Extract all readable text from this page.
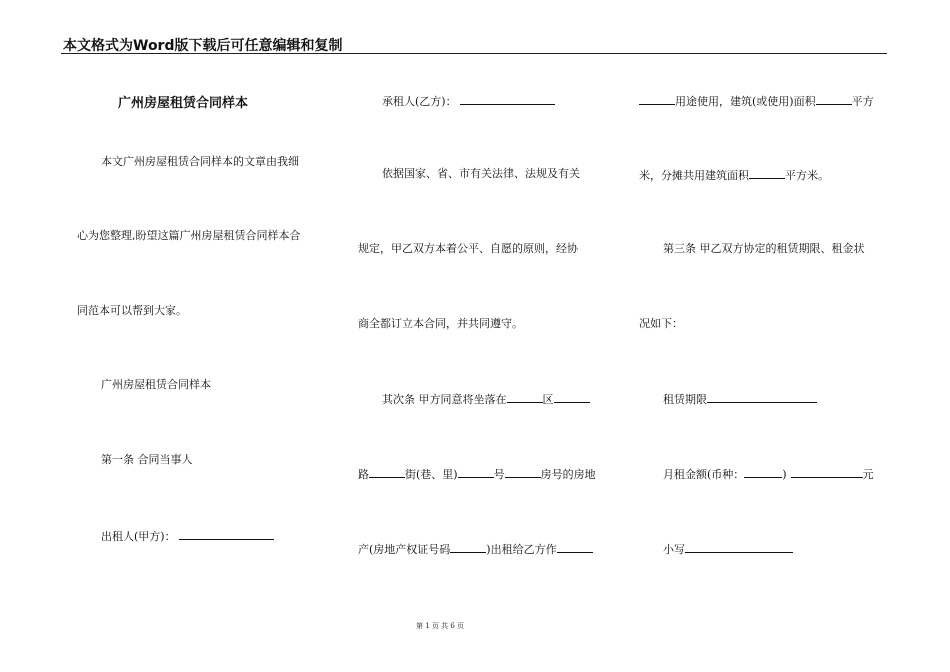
本文格式为Word版下载后可任意编辑和复制
广州房屋租赁合同样本
本文广州房屋租赁合同样本的文章由我细
心为您整理,盼望这篇广州房屋租赁合同样本合
同范本可以帮到大家。
广州房屋租赁合同样本
第一条 合同当事人
出租人(甲方)：
承租人(乙方)：
依据国家、省、市有关法律、法规及有关
规定，甲乙双方本着公平、自愿的原则，经协
商全都订立本合同，并共同遵守。
其次条 甲方同意将坐落在	区
路	街(巷、里)	号	房号的房地
产(房地产权证号码	)出租给乙方作
用途使用，建筑(或使用)面积	平方
米，分摊共用建筑面积	平方米。
第三条 甲乙双方协定的租赁期限、租金状
况如下：
租赁期限
月租金额(币种：	)	元
小写
第 1 页 共 6 页
